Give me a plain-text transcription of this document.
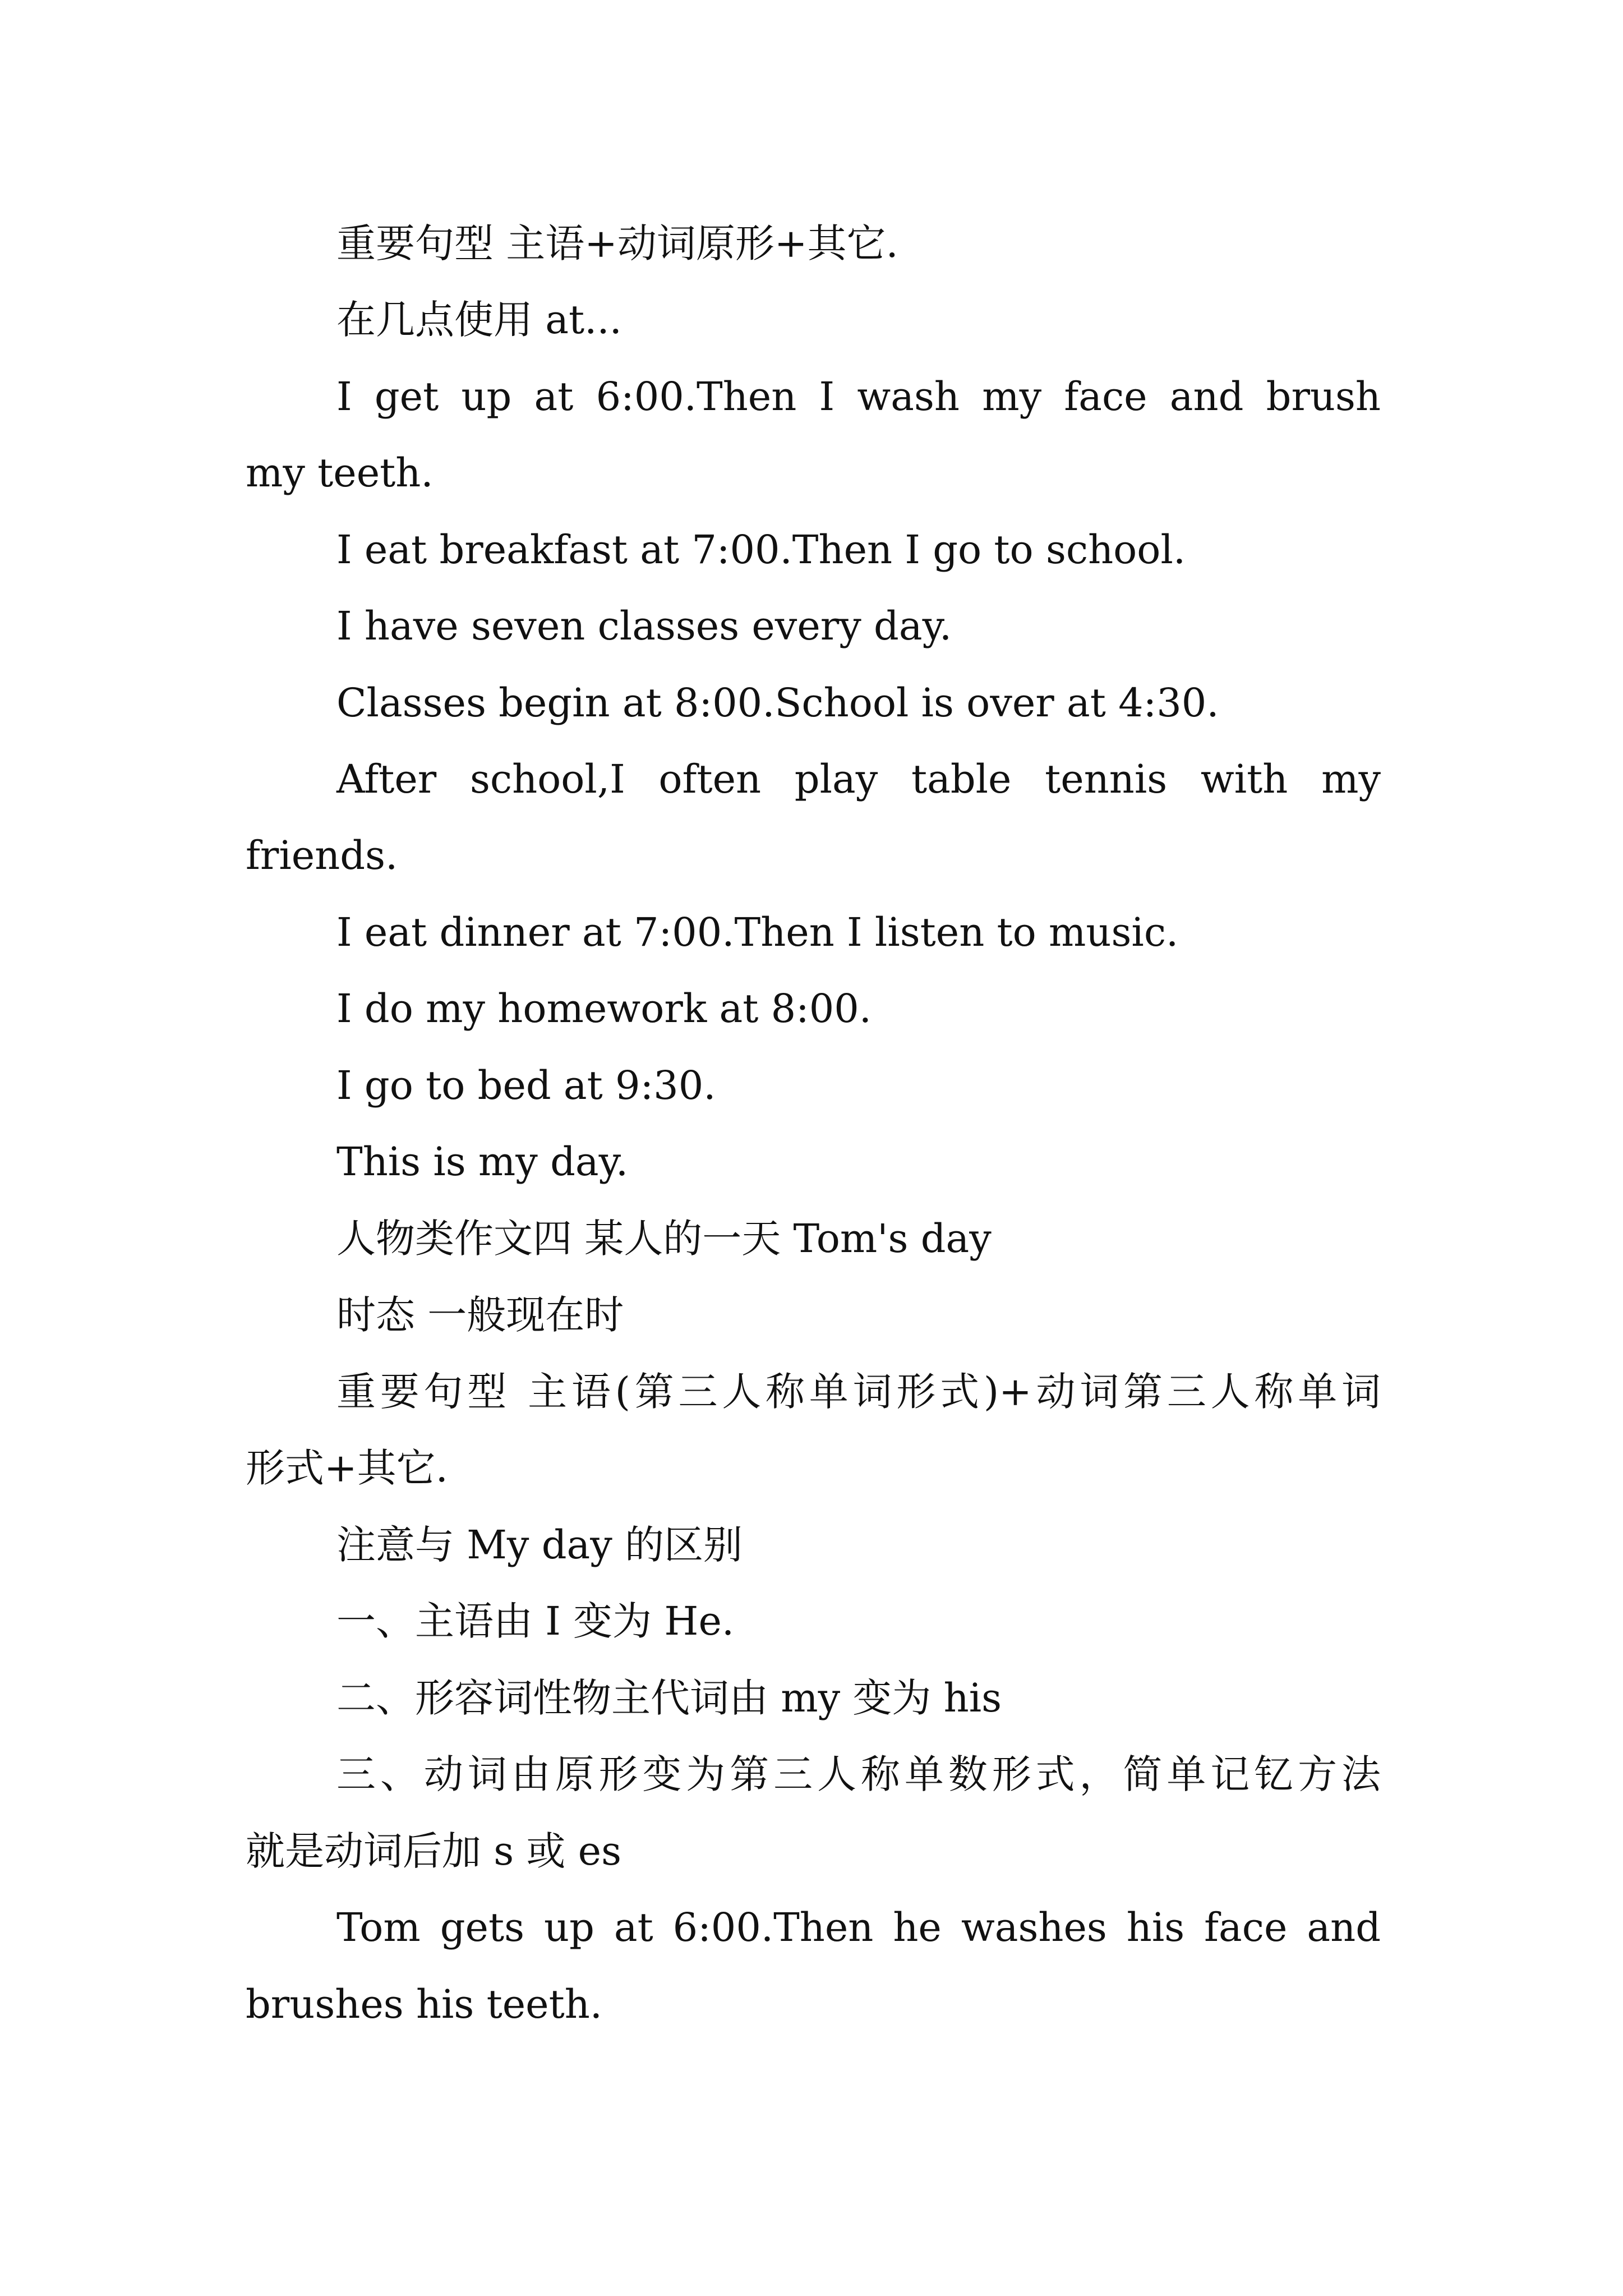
重要句型 主语+动词原形+其它.

在几点使用 at...

I get up at 6:00.Then I wash my face and brush

my teeth.

I eat breakfast at 7:00.Then I go to school.

I have seven classes every day.

Classes begin at 8:00.School is over at 4:30.

After school,I often play table tennis with my

friends.

I eat dinner at 7:00.Then I listen to music.

I do my homework at 8:00.

I go to bed at 9:30.

This is my day.

人物类作文四 某人的一天 Tom's day

时态 一般现在时

重要句型 主语(第三人称单词形式)+动词第三人称单词

形式+其它.

注意与 My day 的区别

一、主语由 I 变为 He.

二、形容词性物主代词由 my 变为 his

三、动词由原形变为第三人称单数形式，简单记钇方法

就是动词后加 s 或 es

Tom gets up at 6:00.Then he washes his face and

brushes his teeth.
